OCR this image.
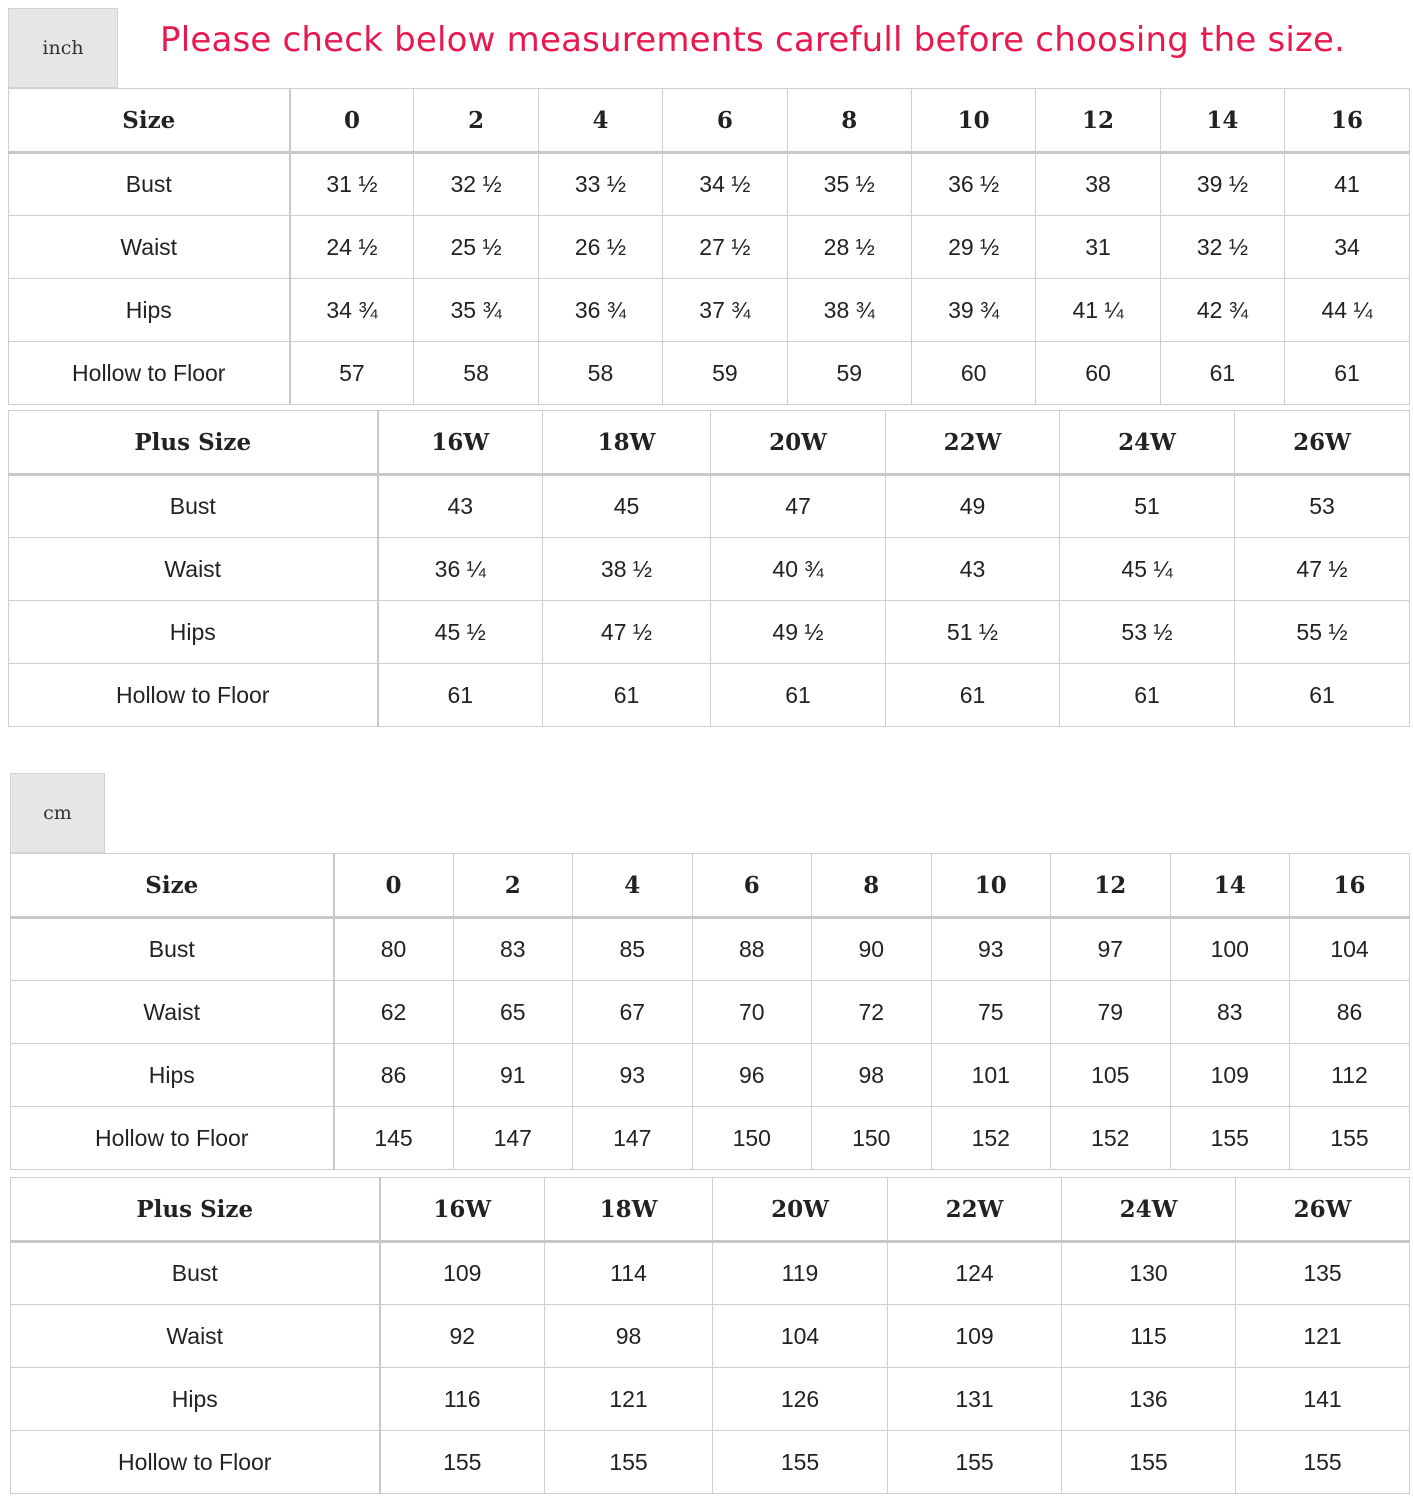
inch Please check below measurements carefull before choosing the size.
Size	0	2	4	6	8	10	12	14	16
Bust	31 ½	32 ½	33 ½	34 ½	35 ½	36 ½	38	39 ½	41
Waist	24 ½	25 ½	26 ½	27 ½	28 ½	29 ½	31	32 ½	34
Hips	34 ¾	35 ¾	36 ¾	37 ¾	38 ¾	39 ¾	41 ¼	42 ¾	44 ¼
Hollow to Floor	57	58	58	59	59	60	60	61	61
Plus Size	16W	18W	20W	22W	24W	26W
Bust	43	45	47	49	51	53
Waist	36 ¼	38 ½	40 ¾	43	45 ¼	47 ½
Hips	45 ½	47 ½	49 ½	51 ½	53 ½	55 ½
Hollow to Floor	61	61	61	61	61	61
cm
Size	0	2	4	6	8	10	12	14	16
Bust	80	83	85	88	90	93	97	100	104
Waist	62	65	67	70	72	75	79	83	86
Hips	86	91	93	96	98	101	105	109	112
Hollow to Floor	145	147	147	150	150	152	152	155	155
Plus Size	16W	18W	20W	22W	24W	26W
Bust	109	114	119	124	130	135
Waist	92	98	104	109	115	121
Hips	116	121	126	131	136	141
Hollow to Floor	155	155	155	155	155	155
